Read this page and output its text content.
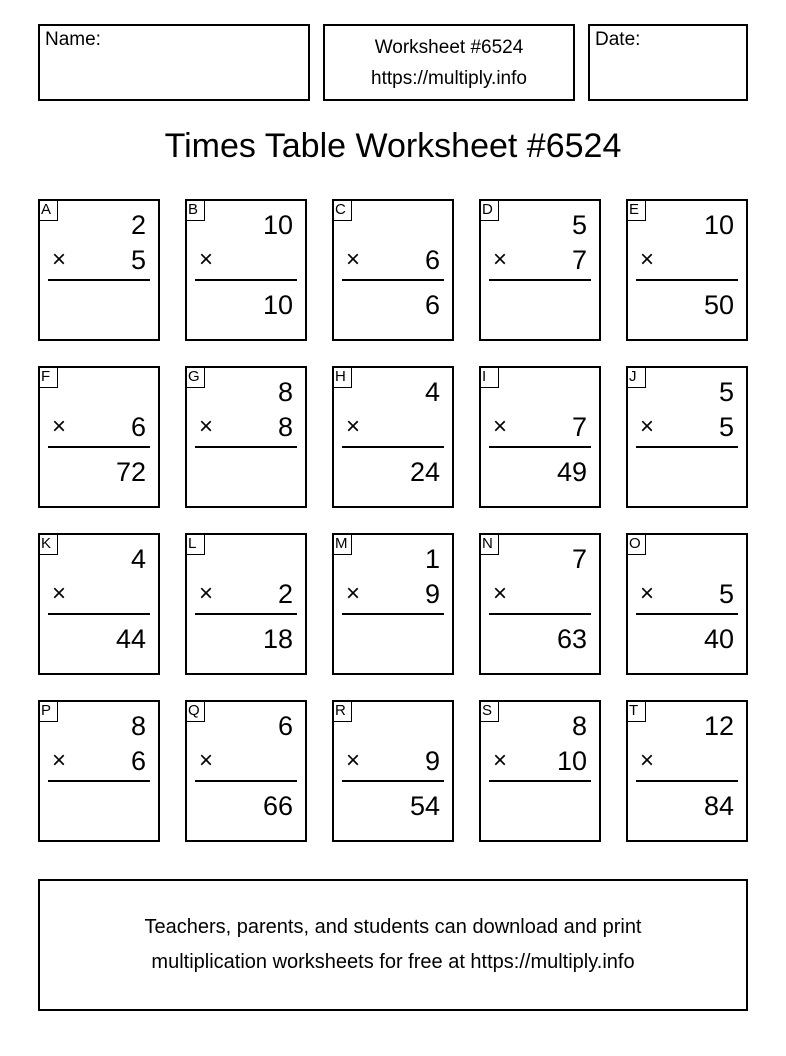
Name:	Worksheet #6524
https://multiply.info
Date:
Times Table Worksheet #6524
A
2
× 5
B
10
×
10
C
× 6
6
D
5
× 7
E
10
×
50
F
× 6
72
G
8
× 8
H
4
×
24
I
× 7
49
J
5
× 5
K
4
×
44
L
× 2
18
M
1
× 9
N
7
×
63
O
× 5
40
P
8
× 6
Q
6
×
66
R
× 9
54
S
8
× 10
T
12
×
84
Teachers, parents, and students can download and print
multiplication worksheets for free at https://multiply.info
